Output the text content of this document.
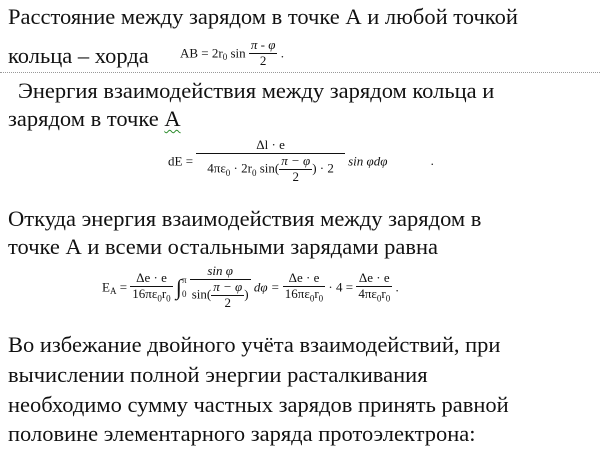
Расстояние между зарядом в точке А и любой точкой
кольца – хорда AB = $2r_0$ $\sin \frac{\pi - \varphi}{2}$ .
Энергия взаимодействия между зарядом кольца и
зарядом в точке А
dE = $\frac{\Delta l \cdot e}{4\pi\varepsilon_0 \cdot 2r_0 \sin( \frac{\pi - \varphi}{2} ) \cdot 2}$ sin φdφ	.
Откуда энергия взаимодействия между зарядом в
точке А и всеми остальными зарядами равна
$E_A = \frac{\Delta e \cdot e}{16\pi\varepsilon_0r_0}$ ∫ π
0
$\frac{\text{sin φ}}{\sin( \frac{\pi - \varphi}{2} )}$ $d\varphi = \frac{\Delta e \cdot e}{16\pi\varepsilon_0r_0} \cdot 4 = \frac{\Delta e \cdot e}{4\pi\varepsilon_0r_0}$ .
Во избежание двойного учёта взаимодействий, при
вычислении полной энергии расталкивания
необходимо сумму частных зарядов принять равной
половине элементарного заряда протоэлектрона:
